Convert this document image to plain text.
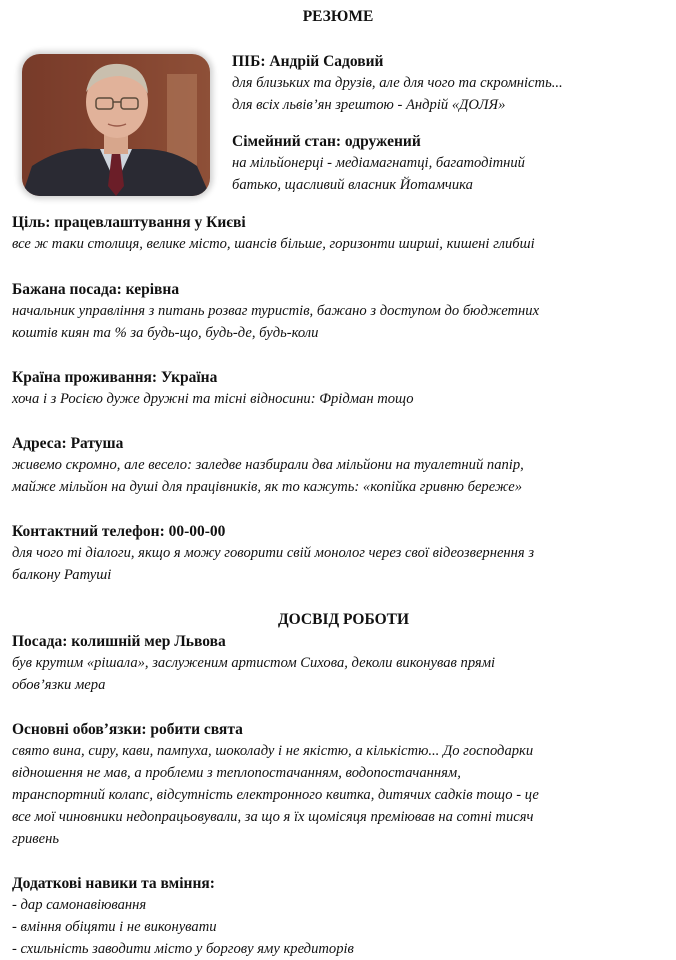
РЕЗЮМЕ
ПІБ: Андрій Садовий
для близьких та друзів, але для чого та скромність...
для всіх львів’ян зрештою - Андрій «ДОЛЯ»
Сімейний стан: одружений
на мільйонерці - медіамагнатці, багатодітний
батько, щасливий власник Йотамчика
Ціль: працевлаштування у Києві
все ж таки столиця, велике місто, шансів більше, горизонти ширші, кишені глибші
Бажана посада: керівна
начальник управління з питань розваг туристів, бажано з доступом до бюджетних
коштів киян та % за будь-що, будь-де, будь-коли
Країна проживання: Україна
хоча і з Росією дуже дружні та тісні відносини: Фрідман тощо
Адреса: Ратуша
живемо скромно, але весело: заледве назбирали два мільйони на туалетний папір,
майже мільйон на душі для працівників, як то кажуть: «копійка гривню береже»
Контактний телефон: 00-00-00
для чого ті діалоги, якщо я можу говорити свій монолог через свої відеозвернення з
балкону Ратуші
ДОСВІД РОБОТИ
Посада: колишній мер Львова
був крутим «рішала», заслуженим артистом Сихова, деколи виконував прямі
обов’язки мера
Основні обов’язки: робити свята
свято вина, сиру, кави, пампуха, шоколаду і не якістю, а кількістю... До господарки
відношення не мав, а проблеми з теплопостачанням, водопостачанням,
транспортний колапс, відсутність електронного квитка, дитячих садків тощо - це
все мої чиновники недопрацьовували, за що я їх щомісяця преміював на сотні тисяч
гривень
Додаткові навики та вміння:
- дар самонавіювання
- вміння обіцяти і не виконувати
- схильність заводити місто у боргову яму кредиторів
